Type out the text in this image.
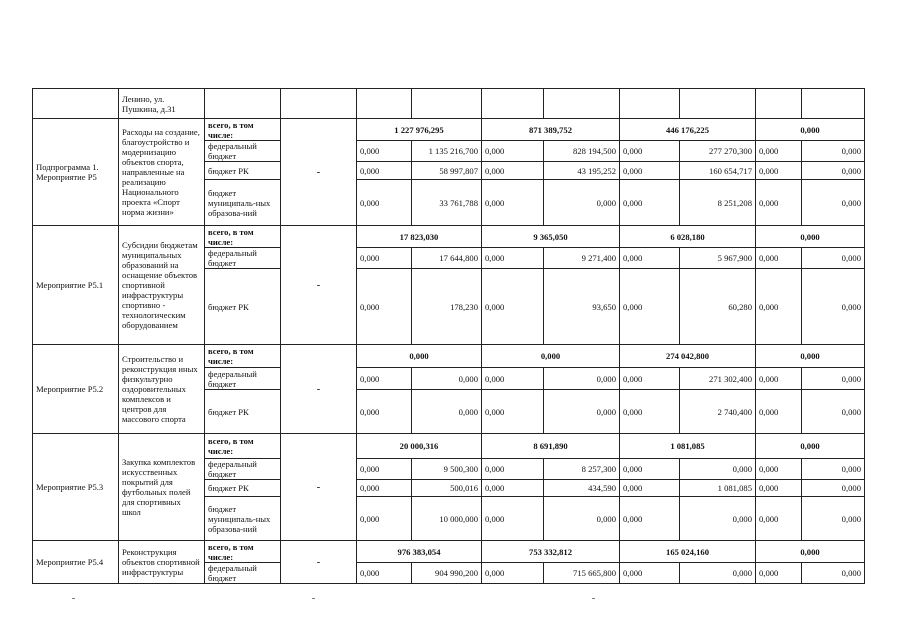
	Ленино, ул. Пушкина, д.31										
Подпрограмма 1. Мероприятие Р5	Расходы на создание, благоустройство и модернизацию объектов спорта, направленные на реализацию Национального проекта «Спорт норма жизни»	всего, в том числе:	-	1 227 976,295		871 389,752		446 176,225		0,000	
		федеральный бюджет		0,000	1 135 216,700	0,000	828 194,500	0,000	277 270,300	0,000	0,000
		бюджет РК		0,000	58 997,807	0,000	43 195,252	0,000	160 654,717	0,000	0,000
		бюджет муниципаль-ных образова-ний		0,000	33 761,788	0,000	0,000	0,000	8 251,208	0,000	0,000
Мероприятие Р5.1	Субсидии бюджетам муниципальных образований на оснащение объектов спортивной инфраструктуры спортивно - технологическим оборудованием	всего, в том числе:	-	17 823,030		9 365,050		6 028,180		0,000	
		федеральный бюджет		0,000	17 644,800	0,000	9 271,400	0,000	5 967,900	0,000	0,000
		бюджет РК		0,000	178,230	0,000	93,650	0,000	60,280	0,000	0,000
Мероприятие Р5.2	Строительство и реконструкция иных физкультурно оздоровительных комплексов и центров для массового спорта	всего, в том числе:	-	0,000		0,000		274 042,800		0,000	
		федеральный бюджет		0,000	0,000	0,000	0,000	0,000	271 302,400	0,000	0,000
		бюджет РК		0,000	0,000	0,000	0,000	0,000	2 740,400	0,000	0,000
Мероприятие Р5.3	Закупка комплектов искусственных покрытий для футбольных полей для спортивных школ	всего, в том числе:	-	20 000,316		8 691,890		1 081,085		0,000	
		федеральный бюджет		0,000	9 500,300	0,000	8 257,300	0,000	0,000	0,000	0,000
		бюджет РК		0,000	500,016	0,000	434,590	0,000	1 081,085	0,000	0,000
		бюджет муниципаль-ных образова-ний		0,000	10 000,000	0,000	0,000	0,000	0,000	0,000	0,000
Мероприятие Р5.4	Реконструкция объектов спортивной инфраструктуры	всего, в том числе:	-	976 383,054		753 332,812		165 024,160		0,000	
		федеральный бюджет		0,000	904 990,200	0,000	715 665,800	0,000	0,000	0,000	0,000
